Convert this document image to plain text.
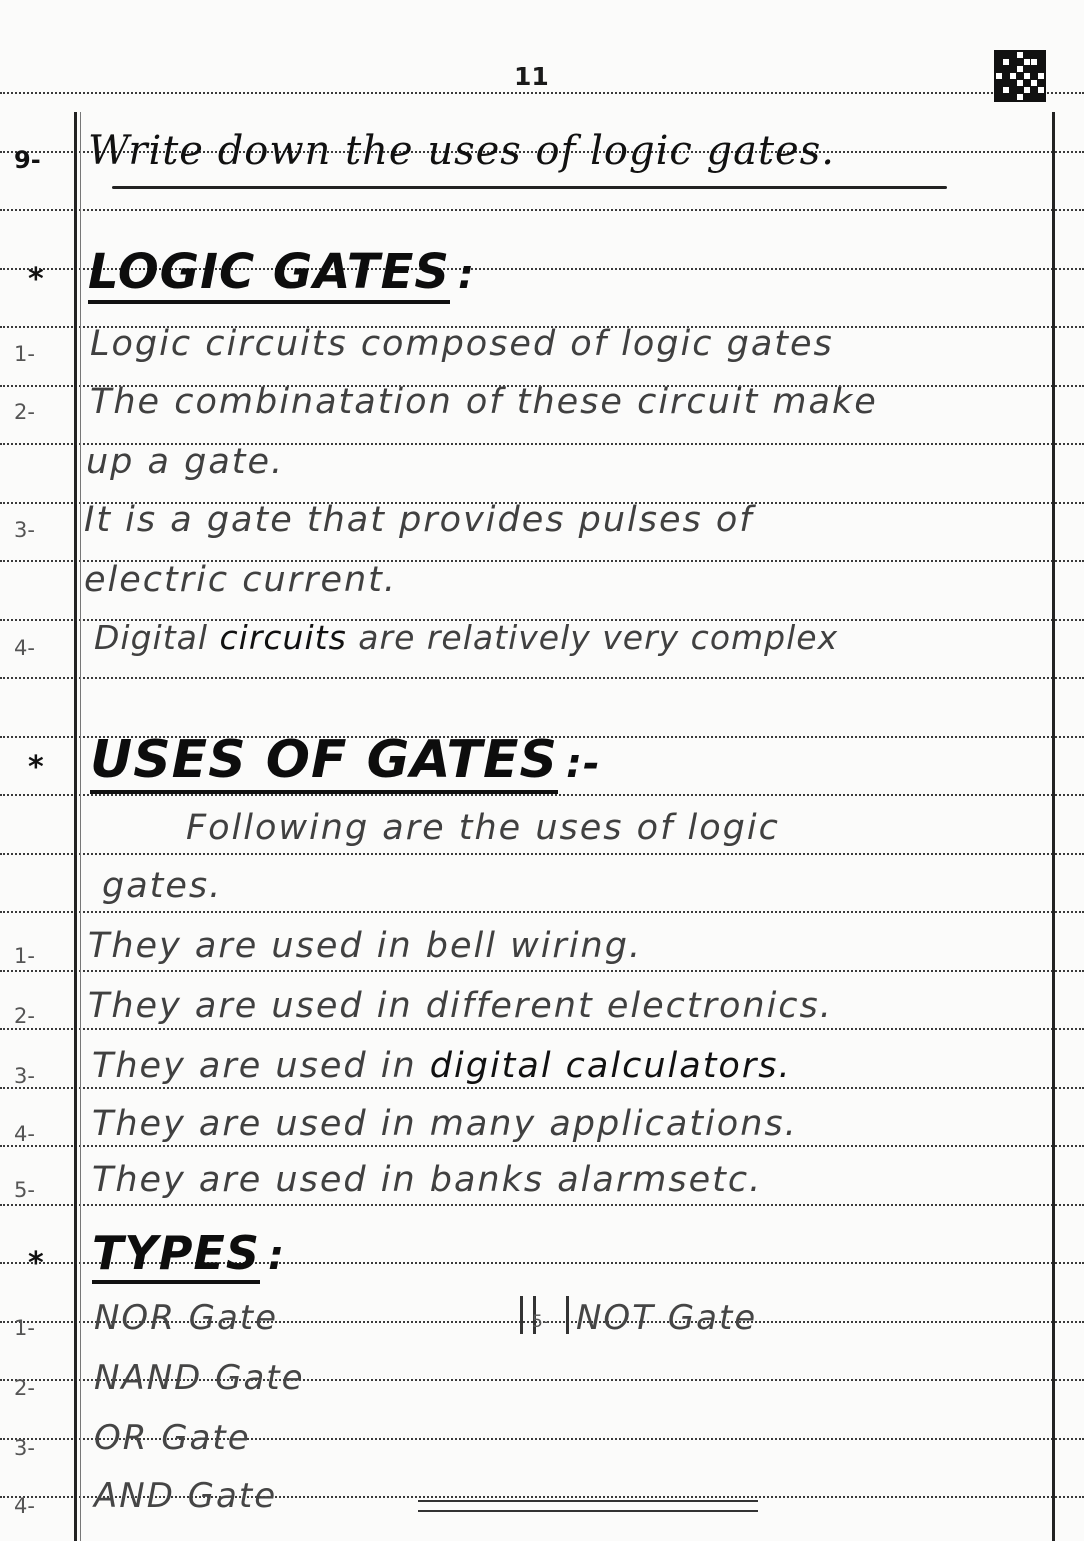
11
9-	Write down the uses of logic gates.
* LOGIC GATES :
1-	Logic circuits composed of logic gates
2-	The combinatation of these circuit make
up a gate.
3-	It is a gate that provides pulses of
electric current.
4-	Digital circuits are relatively very complex
* USES OF GATES :-
Following are the uses of logic
gates.
1-	They are used in bell wiring.
2-	They are used in different electronics.
3-	They are used in digital calculators.
4-	They are used in many applications.
5-	They are used in banks alarmsetc.
* TYPES :
1-	NOR Gate
2-	NAND Gate
3-	OR Gate
4-	AND Gate
5- NOT Gate
